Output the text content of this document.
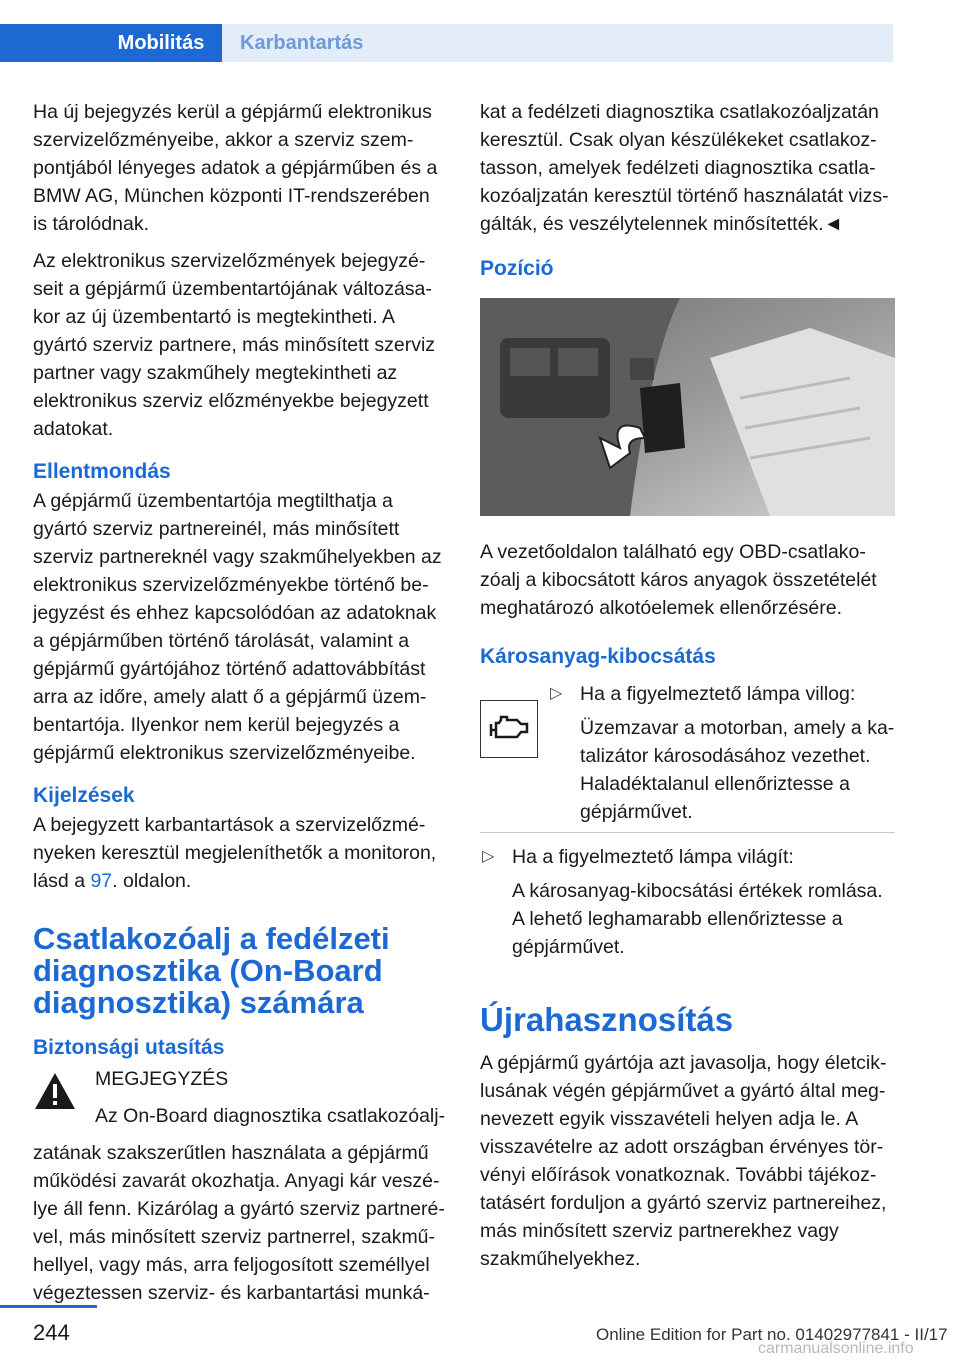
Mobilitás Karbantartás

Ha új bejegyzés kerül a gépjármű elektronikus szervizelőzményeibe, akkor a szerviz szem-pontjából lényeges adatok a gépjárműben és a BMW AG, München központi IT-rendszerében is tárolódnak.

Az elektronikus szervizelőzmények bejegyzé-seit a gépjármű üzembentartójának változása-kor az új üzembentartó is megtekintheti. A gyártó szerviz partnere, más minősített szerviz partner vagy szakműhely megtekintheti az elektronikus szerviz előzményekbe bejegyzett adatokat.

Ellentmondás

A gépjármű üzembentartója megtilthatja a gyártó szerviz partnereinél, más minősített szerviz partnereknél vagy szakműhelyekben az elektronikus szervizelőzményekbe történő be-jegyzést és ehhez kapcsolódóan az adatoknak a gépjárműben történő tárolását, valamint a gépjármű gyártójához történő adattovábbítást arra az időre, amely alatt ő a gépjármű üzem-bentartója. Ilyenkor nem kerül bejegyzés a gépjármű elektronikus szervizelőzményeibe.

Kijelzések

A bejegyzett karbantartások a szervizelőzmé-nyeken keresztül megjeleníthetők a monitoron, lásd a 97. oldalon.

Csatlakozóalj a fedélzeti diagnosztika (On-Board diagnosztika) számára
Biztonsági utasítás

MEGJEGYZÉS

Az On-Board diagnosztika csatlakozóalj-

zatának szakszerűtlen használata a gépjármű működési zavarát okozhatja. Anyagi kár veszé-lye áll fenn. Kizárólag a gyártó szerviz partneré-vel, más minősített szerviz partnerrel, szakmű-hellyel, vagy más, arra feljogosított személlyel végeztessen szerviz- és karbantartási munká-

kat a fedélzeti diagnosztika csatlakozóaljzatán keresztül. Csak olyan készülékeket csatlakoz-tasson, amelyek fedélzeti diagnosztika csatla-kozóaljzatán keresztül történő használatát vizs-gálták, és veszélytelennek minősítették.◄

Pozíció

A vezetőoldalon található egy OBD-csatlako-zóalj a kibocsátott káros anyagok összetételét meghatározó alkotóelemek ellenőrzésére.

Károsanyag-kibocsátás
▷ Ha a figyelmeztető lámpa villog:

Üzemzavar a motorban, amely a ka-talizátor károsodásához vezethet. Haladéktalanul ellenőriztesse a gépjárművet.

▷ Ha a figyelmeztető lámpa világít:

A károsanyag-kibocsátási értékek romlása. A lehető leghamarabb ellenőriztesse a gépjárművet.

Újrahasznosítás

A gépjármű gyártója azt javasolja, hogy életcik-lusának végén gépjárművet a gyártó által meg-nevezett egyik visszavételi helyen adja le. A visszavételre az adott országban érvényes tör-vényi előírások vonatkoznak. További tájékoz-tatásért forduljon a gyártó szerviz partnereihez, más minősített szerviz partnerekhez vagy szakműhelyekhez.

244	Online Edition for Part no. 01402977841 - II/17
carmanualsonline.info
